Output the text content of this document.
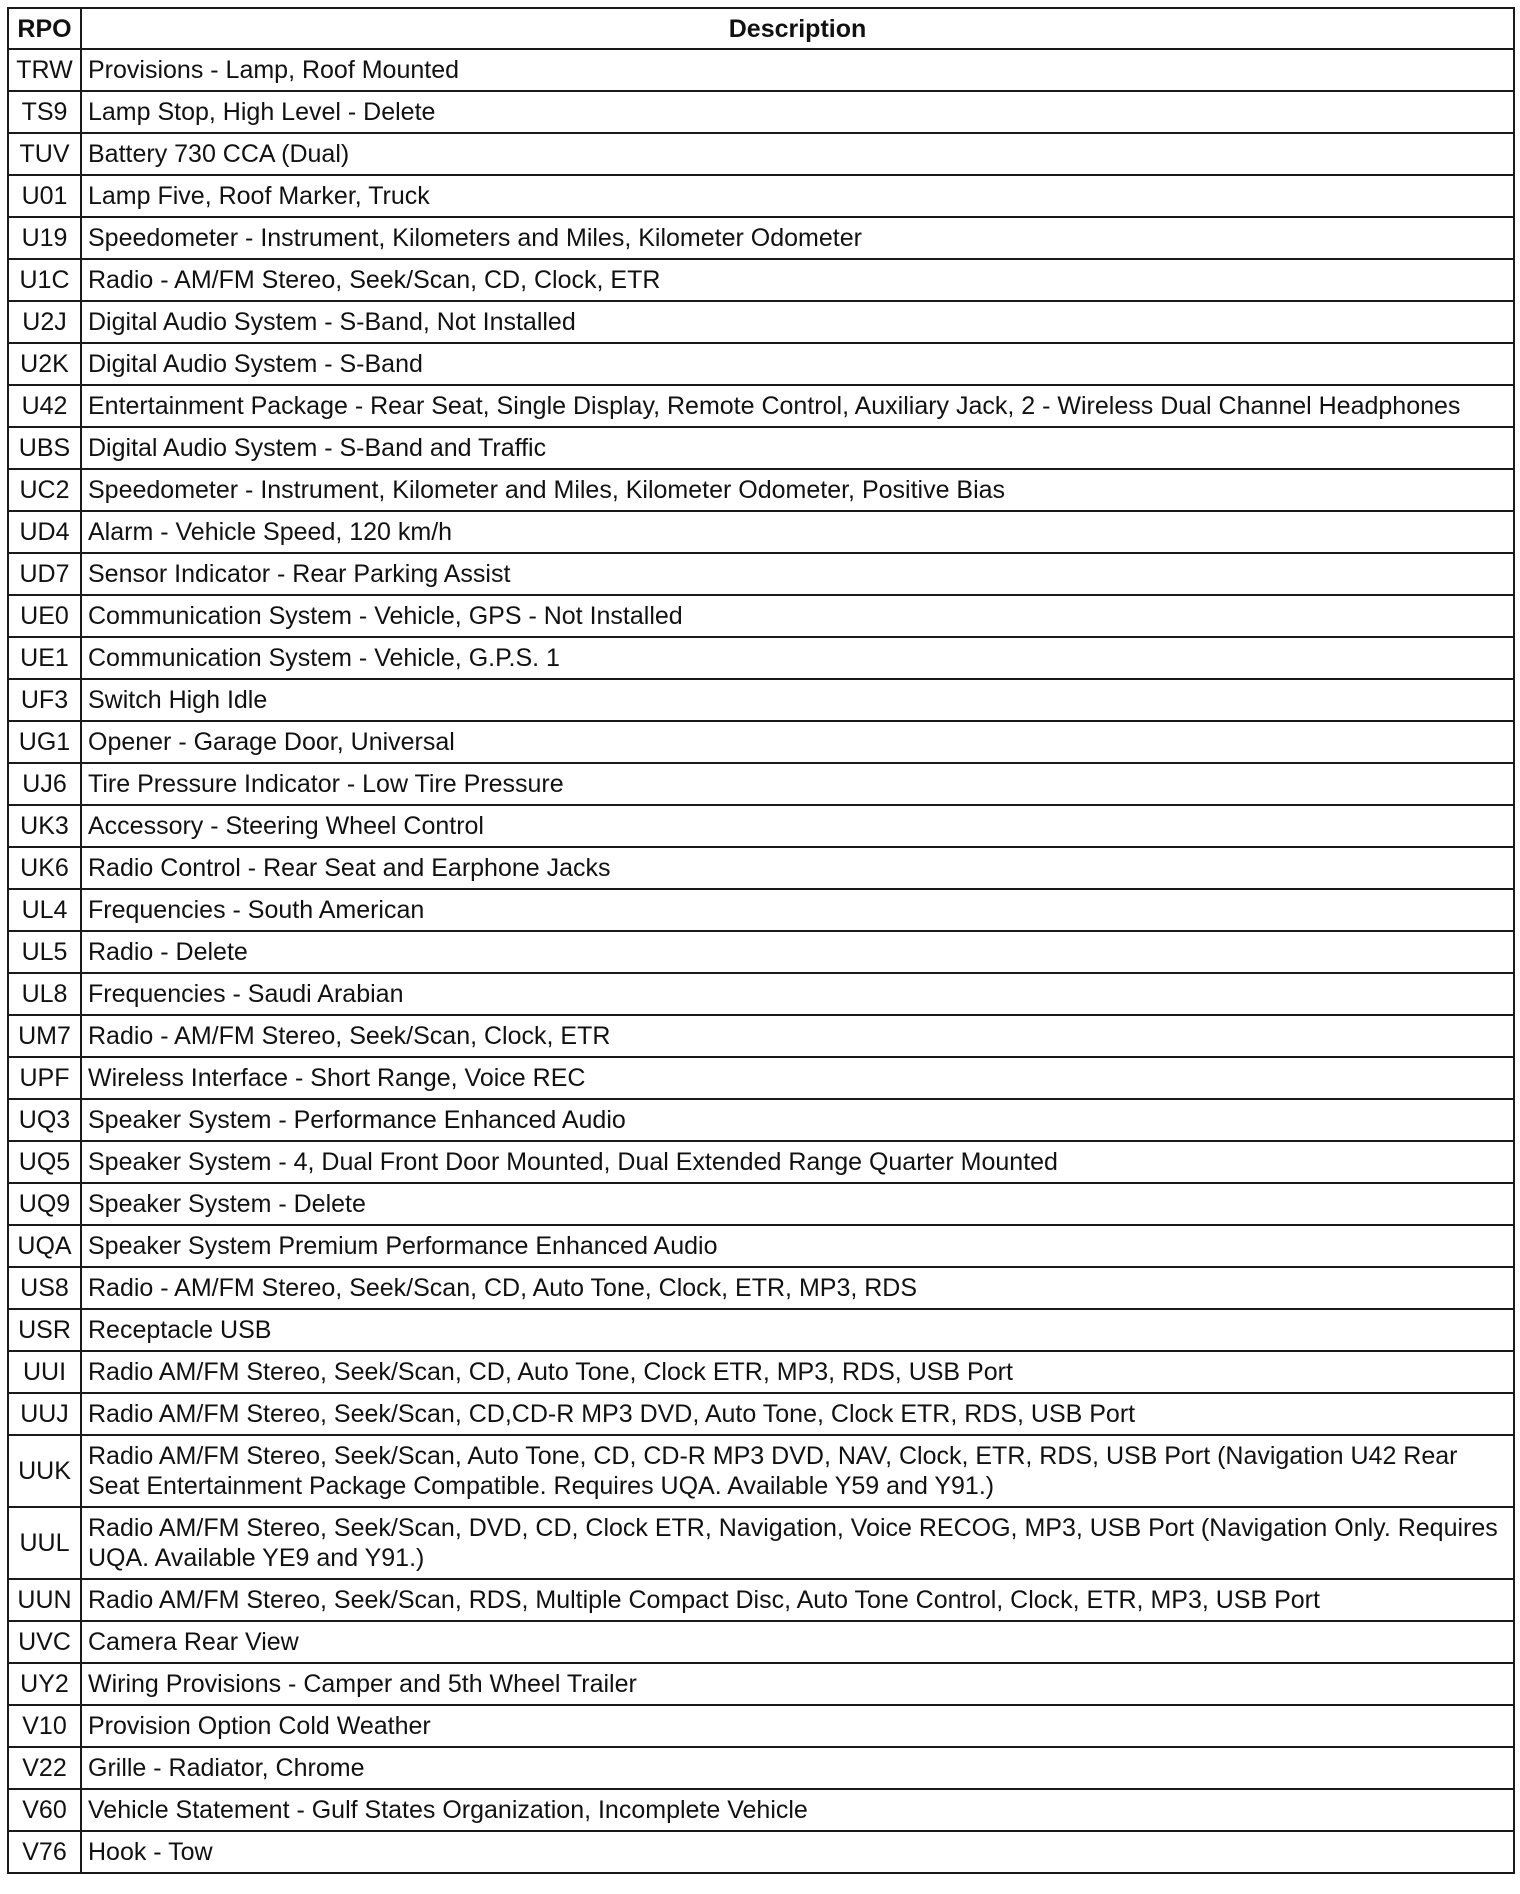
RPO	Description
TRW	Provisions - Lamp, Roof Mounted
TS9	Lamp Stop, High Level - Delete
TUV	Battery 730 CCA (Dual)
U01	Lamp Five, Roof Marker, Truck
U19	Speedometer - Instrument, Kilometers and Miles, Kilometer Odometer
U1C	Radio - AM/FM Stereo, Seek/Scan, CD, Clock, ETR
U2J	Digital Audio System - S-Band, Not Installed
U2K	Digital Audio System - S-Band
U42	Entertainment Package - Rear Seat, Single Display, Remote Control, Auxiliary Jack, 2 - Wireless Dual Channel Headphones
UBS	Digital Audio System - S-Band and Traffic
UC2	Speedometer - Instrument, Kilometer and Miles, Kilometer Odometer, Positive Bias
UD4	Alarm - Vehicle Speed, 120 km/h
UD7	Sensor Indicator - Rear Parking Assist
UE0	Communication System - Vehicle, GPS - Not Installed
UE1	Communication System - Vehicle, G.P.S. 1
UF3	Switch High Idle
UG1	Opener - Garage Door, Universal
UJ6	Tire Pressure Indicator - Low Tire Pressure
UK3	Accessory - Steering Wheel Control
UK6	Radio Control - Rear Seat and Earphone Jacks
UL4	Frequencies - South American
UL5	Radio - Delete
UL8	Frequencies - Saudi Arabian
UM7	Radio - AM/FM Stereo, Seek/Scan, Clock, ETR
UPF	Wireless Interface - Short Range, Voice REC
UQ3	Speaker System - Performance Enhanced Audio
UQ5	Speaker System - 4, Dual Front Door Mounted, Dual Extended Range Quarter Mounted
UQ9	Speaker System - Delete
UQA	Speaker System Premium Performance Enhanced Audio
US8	Radio - AM/FM Stereo, Seek/Scan, CD, Auto Tone, Clock, ETR, MP3, RDS
USR	Receptacle USB
UUI	Radio AM/FM Stereo, Seek/Scan, CD, Auto Tone, Clock ETR, MP3, RDS, USB Port
UUJ	Radio AM/FM Stereo, Seek/Scan, CD,CD-R MP3 DVD, Auto Tone, Clock ETR, RDS, USB Port
UUK	Radio AM/FM Stereo, Seek/Scan, Auto Tone, CD, CD-R MP3 DVD, NAV, Clock, ETR, RDS, USB Port (Navigation U42 Rear Seat Entertainment Package Compatible. Requires UQA. Available Y59 and Y91.)
UUL	Radio AM/FM Stereo, Seek/Scan, DVD, CD, Clock ETR, Navigation, Voice RECOG, MP3, USB Port (Navigation Only. Requires UQA. Available YE9 and Y91.)
UUN	Radio AM/FM Stereo, Seek/Scan, RDS, Multiple Compact Disc, Auto Tone Control, Clock, ETR, MP3, USB Port
UVC	Camera Rear View
UY2	Wiring Provisions - Camper and 5th Wheel Trailer
V10	Provision Option Cold Weather
V22	Grille - Radiator, Chrome
V60	Vehicle Statement - Gulf States Organization, Incomplete Vehicle
V76	Hook - Tow
